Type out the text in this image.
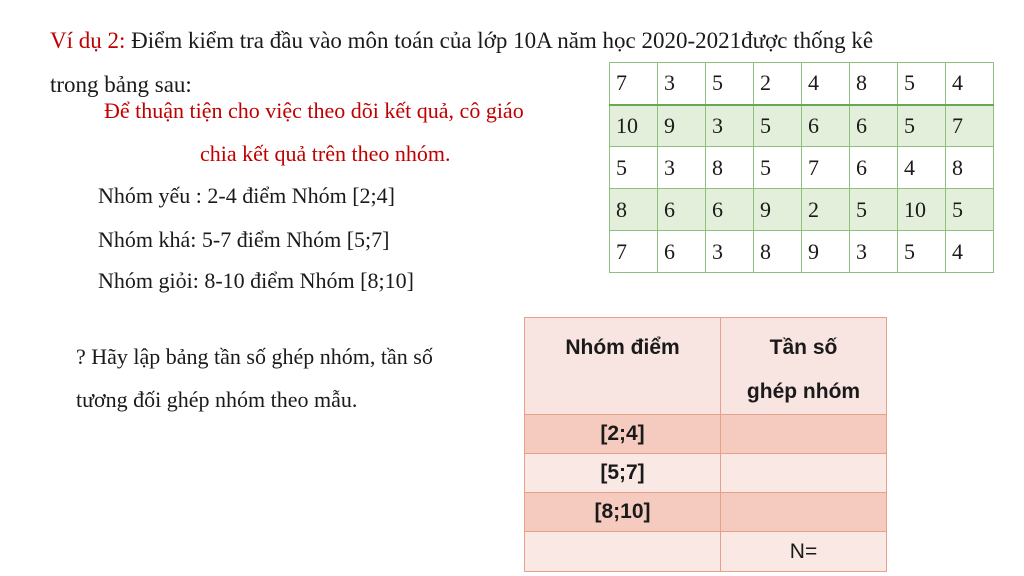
Ví dụ 2: Điểm kiểm tra đầu vào môn toán của lớp 10A năm học 2020-2021được thống kê
trong bảng sau:
Để thuận tiện cho việc theo dõi kết quả, cô giáo
chia kết quả trên theo nhóm.
Nhóm yếu : 2-4 điểm Nhóm [2;4]
Nhóm khá: 5-7 điểm Nhóm [5;7]
Nhóm giỏi: 8-10 điểm Nhóm [8;10]
? Hãy lập bảng tần số ghép nhóm, tần số
tương đối ghép nhóm theo mẫu.
7	3	5	2	4	8	5	4
10	9	3	5	6	6	5	7
5	3	8	5	7	6	4	8
8	6	6	9	2	5	10	5
7	6	3	8	9	3	5	4
Nhóm điểm	Tần số
ghép nhóm
[2;4]	
[5;7]	
[8;10]	
	N=
